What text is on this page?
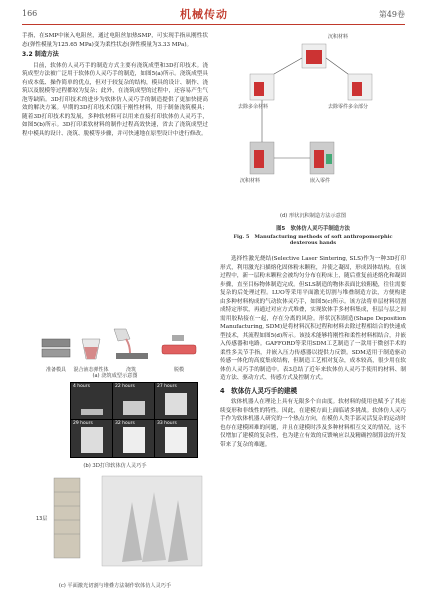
166	机械传动	第49卷

手指，在SMP中嵌入电阻丝，通过电阻丝加热SMP，可实现手指从刚性状态(弹性模量为125.65 MPa)变为柔性状态(弹性模量为3.33 MPa)。

3.2 制造方法

目前，软体仿人灵巧手的制造方式主要有浇筑成型和3D打印技术。浇筑成型方法被广泛用于软体仿人灵巧手的制造，如图5(a)所示。浇筑成型具有成本低、操作简单的优点，但对于较复杂的结构，模具的设计、制作、浇筑以及脱模等过程都较为复杂；此外，在浇筑成型的过程中，还容易产生气泡等缺陷。3D打印技术的进步为软体仿人灵巧手的制造提供了更加快捷高效的解决方案。早期的3D打印技术仅限于刚性材料，用于制备浇筑模具；随着3D打印技术的发展，多种软材料可以用来直接打印软体仿人灵巧手，如图5(b)所示。3D打印柔软材料的制作过程高效快速，省去了浇筑成型过程中模具的设计、浇筑、脱模等步骤，并可快速地在原型设计中进行修改。

准备模具 混合液态弹性体	浇筑	脱模
(a) 浇筑成型示意图
4 hours	22 hours	27 hours
29 hours	32 hours	33 hours
(b) 3D打印软体仿人灵巧手
13层
(c) 平面激光切割与堆叠方法制作软体仿人灵巧手
沉积材料
去除多余材料	去除零件多余部分
沉积材料	嵌入零件
(d) 形状沉积制造方法示意图
图5　软体仿人灵巧手制造方法
Fig. 5　Manufacturing methods of soft anthropomorphic dexterous hands

选择性激光烧结(Selective Laser Sintering, SLS)作为一种3D打印形式，利用激光扫描熔化固体粉末颗粒，并使之凝固，形成固体结构。在该过程中，新一层粉末颗粒会被均匀分布在粉床上，随后重复前述熔化和凝固步骤，直至目标物体制造完成。但SLS制造的物体表面比较粗糙，往往需要复杂的后处理过程。LUO等采用平面激光切割与堆叠制造方法，方便构建由多种材料构成的气动软体灵巧手，如图5(c)所示。该方法将单层材料切割成特定形状，再通过对应方式堆叠，实现软体手多材料集成，但层与层之间需用胶粘接在一起，存在分离的风险。形状沉积制造(Shape Deposition Manufacturing, SDM)是将材料沉积过程和材料去除过程相结合的快速成型技术，其流程如图5(d)所示。该技术能够将刚性和柔性材料相结合，并嵌入传感器和电路。GAFFORD等采用SDM工艺制造了一款用于微创手术的柔性多关节手指，并嵌入压力传感器以提供力反馈。SDM适用于制造驱动传感一体化的高度集成结构，但制造工艺相对复杂，成本较高，很少用在软体仿人灵巧手的制造中。表3总结了近年来软体仿人灵巧手使用的材料、制造方法、驱动方式、传感方式及控制方式。

4　软体仿人灵巧手的建模

软体机器人在理论上具有无限多个自由度。软材料的使用也赋予了其连续变形和非线性的特性。因此，在建模方面上面临诸多挑战。软体仿人灵巧手作为软体机器人研究的一个热点方向，在模仿人类手部灵活复杂的运动时也存在建模困难的问题，并且在建模时涉及多种材料相互交叉的情况，这不仅增加了建模的复杂性，也为建立有效的反馈响应以及精确控制算法的开发带来了复杂的难题。
